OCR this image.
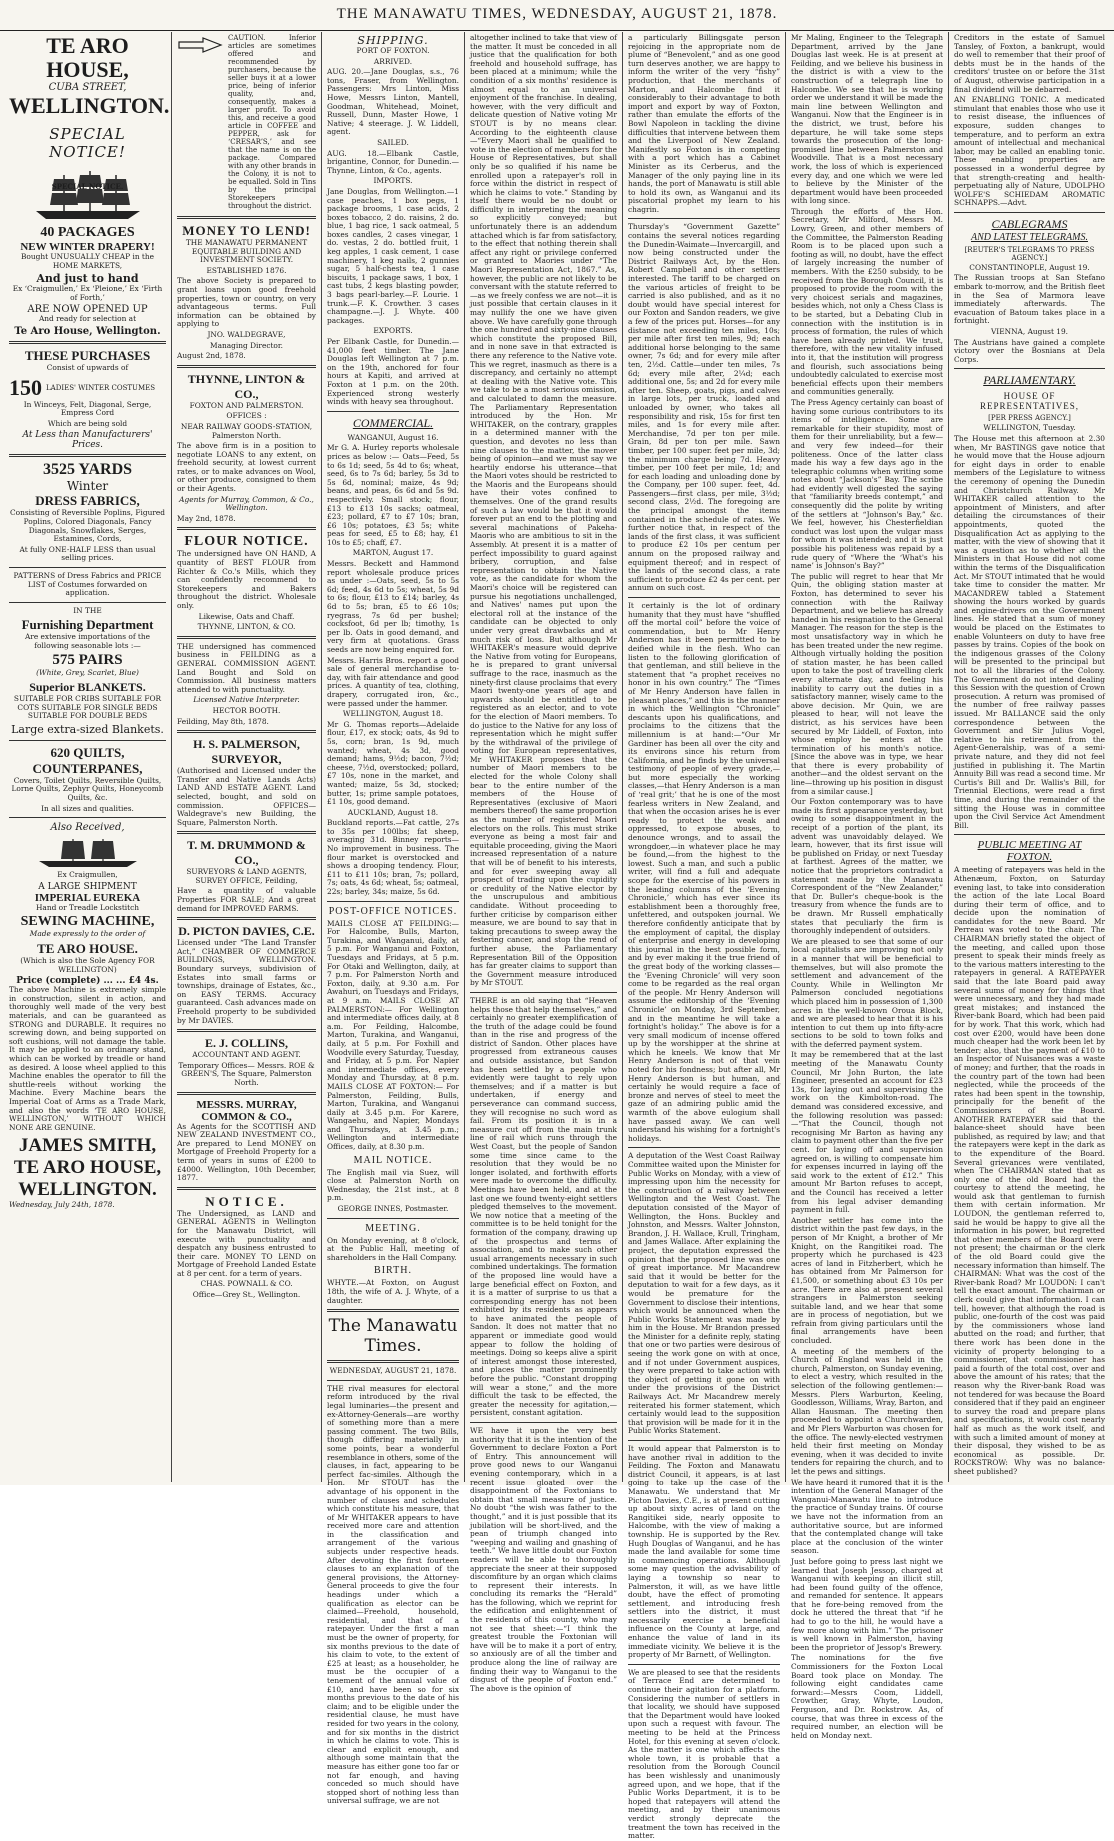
THE MANAWATU TIMES, WEDNESDAY, AUGUST 21, 1878.
TE ARO HOUSE,
CUBA STREET,
WELLINGTON.
SPECIAL NOTICE!
SPECIAL NOTICE.
40 PACKAGES
NEW WINTER DRAPERY!

Bought UNUSUALLY CHEAP in the HOME MARKETS,

And just to hand

Ex ‘Craigmullen,’ Ex ‘Pleione,’ Ex ‘Firth of Forth,’

ARE NOW OPENED UP

And ready for selection at

Te Aro House, Wellington.
THESE PURCHASES

Consist of upwards of

150 LADIES' WINTER COSTUMES

In Winceys, Felt, Diagonal, Serge, Empress Cord

Which are being sold

At Less than Manufacturers' Prices.
3525 YARDS
Winter
DRESS FABRICS,

Consisting of Reversible Poplins, Figured Poplins, Colored Diagonals, Fancy Diagonals, Snowflakes, Serges, Estamines, Cords,

At fully ONE-HALF LESS than usual selling prices.

PATTERNS of Dress Fabrics and PRICE LIST of Costumes forwarded on application.

IN THE

Furnishing Department

Are extensive importations of the following seasonable lots :—

575 PAIRS

(White, Grey, Scarlet, Blue)

Superior BLANKETS.

SUITABLE FOR CRIBS SUITABLE FOR COTS SUITABLE FOR SINGLE BEDS SUITABLE FOR DOUBLE BEDS

Large extra-sized Blankets.
620 QUILTS, COUNTERPANES,

Covers, Toilet Quilts, Reversible Quilts, Lorne Quilts, Zephyr Quilts, Honeycomb Quilts, &c.

In all sizes and qualities.

Also Received,

Ex Craigmullen,

A LARGE SHIPMENT
IMPERIAL EUREKA

Hand or Treadle Lockstitch

SEWING MACHINE,

Made expressly to the order of

TE ARO HOUSE.

(Which is also the Sole Agency FOR WELLINGTON)

Price (complete) ... ... £4 4s.

The above Machine is extremely simple in construction, silent in action, and thoroughly well made of the very best materials, and can be guaranteed as STRONG and DURABLE. It requires no screwing down, and being supported on soft cushions, will not damage the table. It may be applied to an ordinary stand, which can be worked by treadle or hand as desired. A loose wheel applied to this Machine enables the operator to fill the shuttle-reels without working the Machine. Every Machine bears the Imperial Coat of Arms as a Trade Mark, and also the words ‘TE ARO HOUSE, WELLINGTON,’ WITHOUT WHICH NONE ARE GENUINE.

JAMES SMITH,
TE ARO HOUSE,
WELLINGTON.

Wednesday, July 24th, 1878.

CAUTION. Inferior articles are sometimes offered and recommended by purchasers, because the seller buys it at a lower price, being of inferior quality, and, consequently, makes a larger profit. To avoid this, and receive a good article in COFFEE and PEPPER, ask for ‘CRESAR’S,’ and see that the name is on the package. Compared with any other brands in the Colony, it is not to be equalled. Sold in Tins by the principal Storekeepers throughout the district.

MONEY TO LEND!

THE MANAWATU PERMANENT EQUITABLE BUILDING AND INVESTMENT SOCIETY.

ESTABLISHED 1876.

The above Society is prepared to grant loans upon good freehold properties, town or country, on very advantageous terms. Full information can be obtained by applying to

JNO. WALDEGRAVE,

Managing Director.

August 2nd, 1878.

THYNNE, LINTON & CO.,

FOXTON AND PALMERSTON.

OFFICES :

NEAR RAILWAY GOODS-STATION, Palmerston North.

The above firm is in a position to negotiate LOANS to any extent, on freehold security, at lowest current rates, or to make advances on Wool, or other produce, consigned to them or their Agents.

Agents for Murray, Common, & Co., Wellington.

May 2nd, 1878.

FLOUR NOTICE.

The undersigned have ON HAND, A quantity of BEST FLOUR from Richter & Co.'s Mills, which they can confidently recommend to Storekeepers and Bakers throughout the district. Wholesale only.

Likewise, Oats and Chaff.

THYNNE, LINTON, & CO.

THE undersigned has commenced business in FEILDING as a GENERAL COMMISSION AGENT. Land Bought and Sold on Commission. All business matters attended to with punctuality.

Licensed Native Interpreter.

HECTOR BOOTH.

Feilding, May 8th, 1878.

H. S. PALMERSON, SURVEYOR,

(Authorised and Licensed under the Transfer and Native Lands Acts) LAND AND ESTATE AGENT. Land selected, bought, and sold on commission. OFFICES—Waldegrave's new Building, the Square, Palmerston North.

T. M. DRUMMOND & CO.,

SURVEYORS & LAND AGENTS, SURVEY OFFICE, Feilding,

Have a quantity of valuable Properties FOR SALE; And a great demand for IMPROVED FARMS.

D. PICTON DAVIES, C.E.

Licensed under “The Land Transfer Act,” CHAMBER OF COMMERCE BUILDINGS, WELLINGTON. Boundary surveys, subdivision of Estates into small farms or townships, drainage of Estates, &c., on EASY TERMS. Accuracy guaranteed. Cash advances made on Freehold property to be subdivided by Mr DAVIES.

E. J. COLLINS,

ACCOUNTANT AND AGENT.

Temporary Offices— Messrs. ROE & GREEN'S, The Square, Palmerston North.

MESSRS. MURRAY, COMMON & CO.,

As Agents for the SCOTTISH AND NEW ZEALAND INVESTMENT CO., Are prepared to Lend MONEY on Mortgage of Freehold Property for a term of years in sums of £200 to £4000. Wellington, 10th December, 1877.

NOTICE.

The Undersigned, as LAND and GENERAL AGENTS in Wellington for the Manawatu District, will execute with punctuality and despatch any business entrusted to their care. MONEY TO LEND on Mortgage of Freehold Landed Estate at 8 per cent. for a term of years.

CHAS. POWNALL & CO.

Office—Grey St., Wellington.

SHIPPING.

PORT OF FOXTON.

ARRIVED.

AUG. 20.—Jane Douglas, s.s., 76 tons, Fraser, from Wellington. Passengers: Mrs Linton, Miss Howe, Messrs Linton, Mantell, Goodman, Whitehead, Moinet, Russell, Dunn, Master Howe, 1 Native; 4 steerage. J. W. Liddell, agent.

SAILED.

AUG. 18.—Elbank Castle, brigantine, Connor, for Dunedin.—Thynne, Linton, & Co., agents.

IMPORTS.

Jane Douglas, from Wellington.—1 case peaches, 1 box pegs, 1 package brooms, 1 case acids, 2 boxes tobacco, 2 do. raisins, 2 do. blue, 1 bag rice, 1 sack oatmeal, 5 boxes candles, 2 cases vinegar, 1 do. vestas, 2 do. bottled fruit, 1 keg apples, 1 cask cement, 1 case machinery, 1 keg nails, 2 gunnies sugar, 5 half-chests tea, 1 case biscuits, 1 package saws, 1 box, 1 cast tubs, 2 kegs blasting powder, 3 bags pearl-barley.—F. Lourie. 1 trunk.—F. K. Crowther. 3 cases champagne.—J. J. Whyte. 400 packages.

EXPORTS.

Per Elbank Castle, for Dunedin.—41,000 feet timber. The Jane Douglas left Wellington at 7 p.m. on the 19th, anchored for four hours at Kapiti, and arrived at Foxton at 1 p.m. on the 20th. Experienced strong westerly winds with heavy sea throughout.

COMMERCIAL.

WANGANUI, August 16.

Mr G. A. Hurley reports wholesale prices as below :— Oats—Feed, 5s to 6s 1d; seed, 5s 4d to 6s; wheat, seed, 6s to 7s 6d; barley, 5s 3d to 5s 6d, nominal; maize, 4s 9d; beans, and peas, 6s 6d and 5s 9d. respectively. Small stock; flour, £13 to £13 10s sacks; oatmeal, £23; pollard, £7 to £7 10s; bran, £6 10s; potatoes, £3 5s; white peas for seed, £5 to £8; hay, £1 10s to £5; chaff, £7.

MARTON, August 17.

Messrs. Beckett and Hammond report wholesale produce prices as under :—Oats, seed, 5s to 5s 6d; feed, 4s 6d to 5s; wheat, 5s 9d to 6s; flour, £13 to £14; barley, 4s 6d to 5s; bran, £5 to £6 10s; ryegrass, 7s 6d per bushel; cocksfoot, 6d per lb; timothy, 1s per lb. Oats in good demand, and very firm at quotations. Grass seeds are now being enquired for.

Messrs. Harris Bros. report a good sale of general merchandise to-day, with fair attendance and good prices. A quantity of tea, clothing, drapery, corrugated iron, &c., were passed under the hammer.

WELLINGTON, August 18.

Mr G. Thomas reports—Adelaide flour, £17, ex stock; oats, 4s 9d to 5s, corn; bran, 1s 9d, much wanted; wheat, 4s 3d, good demand; hams, 9½d; bacon, 7½d; cheese, 7½d, overstocked; pollard, £7 10s, none in the market, and wanted; maize, 5s 3d, stocked; butter, 1s; prime sample potatoes, £1 10s, good demand.

AUCKLAND, August 18.

Buckland reports.—Fat cattle, 27s to 35s per 100lbs; fat sheep, averaging 31d. Binney reports—No improvement in business. The flour market is overstocked and shows a drooping tendency. Flour, £11 to £11 10s; bran, 7s; pollard, 7s; oats, 4s 6d; wheat, 5s; oatmeal, 22s; barley, 34s; maize, 5s 6d.

POST-OFFICE NOTICES.

MAILS CLOSE AT FEILDING:— For Halcombe, Bulls, Marton, Turakina, and Wanganui, daily, at 5 p.m. For Wanganui and Foxton, Tuesdays and Fridays, at 5 p.m. For Otaki and Wellington, daily, at 7 p.m. For Palmerston North and Foxton, daily, at 9.30 a.m. For Awahuri, on Tuesdays and Fridays, at 9 a.m. MAILS CLOSE AT PALMERSTON:— For Wellington and intermediate offices daily, at 8 a.m. For Feilding, Halcombe, Marton, Turakina, and Wanganui, daily, at 5 p.m. For Foxhill and Woodville every Saturday, Tuesday, and Friday, at 5 p.m. For Napier and intermediate offices, every Monday and Thursday, at 8 p.m. MAILS CLOSE AT FOXTON:— For Palmerston, Feilding, Bulls, Marton, Turakina, and Wanganui daily at 3.45 p.m. For Karere, Wangaehu, and Napier, Mondays and Thursdays, at 3.45 p.m.; Wellington and intermediate Offices, daily, at 8.30 p.m.

MAIL NOTICE.

The English mail via Suez, will close at Palmerston North on Wednesday, the 21st inst., at 8 p.m.

GEORGE INNES, Postmaster.

MEETING.

On Monday evening, at 8 o'clock, at the Public Hall, meeting of shareholders in the Hall Company.

BIRTH.

WHYTE.—At Foxton, on August 18th, the wife of A. J. Whyte, of a daughter.

The Manawatu Times.

WEDNESDAY, AUGUST 21, 1878.

THE rival measures for electoral reform introduced by the rival legal luminaries—the present and ex-Attorney-Generals—are worthy of something more than a mere passing comment. The two Bills, though differing materially in some points, bear a wonderful resemblance in others, some of the clauses, in fact, appearing to be perfect fac-similes. Although the Hon. Mr STOUT has the advantage of his opponent in the number of clauses and schedules which constitute his measure, that of Mr WHITAKER appears to have received more care and attention in the classification and arrangement of the various subjects under respective heads. After devoting the first fourteen clauses to an explanation of the general provisions, the Attorney-General proceeds to give the four headings under which a qualification as elector can be claimed—Freehold, household, residential, and that of a ratepayer. Under the first a man must be the owner of property, for six months previous to the date of his claim to vote, to the extent of £25 at least; as a householder, he must be the occupier of a tenement of the annual value of £10, and have been so for six months previous to the date of his claim; and to be eligible under the residential clause, he must have resided for two years in the colony, and for six months in the district in which he claims to vote. This is clear and explicit enough, and although some maintain that the measure has either gone too far or not far enough, and having conceded so much should have stopped short of nothing less than universal suffrage, we are not

altogether inclined to take that view of the matter. It must be conceded in all justice that the qualification for both freehold and household suffrage, has been placed at a minimum; while the condition of a six months' residence is almost equal to an universal enjoyment of the franchise. In dealing, however, with the very difficult and delicate question of Native voting Mr STOUT is by no means clear. According to the eighteenth clause—“Every Maori shall be qualified to vote in the election of members for the House of Representatives, but shall only be so qualified if his name be enrolled upon a ratepayer's roll in force within the district in respect of which he claims to vote.” Standing by itself there would be no doubt or difficulty in interpreting the meaning so explicitly conveyed; but unfortunately there is an addendum attached which is far from satisfactory, to the effect that nothing therein shall affect any right or privilege conferred or granted to Maories under “The Maori Representation Act, 1867.” As, however, the public are not likely to be conversant with the statute referred to—as we freely confess we are not—it is just possible that certain clauses in it may nullify the one we have given above. We have carefully gone through the one hundred and sixty-nine clauses which constitute the proposed Bill, and in none save in that extracted is there any reference to the Native vote. This we regret, inasmuch as there is a discrepancy, and certainly no attempt at dealing with the Native vote. This we take to be a most serious omission, and calculated to damn the measure. The Parliamentary Representation introduced by the Hon. Mr WHITAKER, on the contrary, grapples in a determined manner with the question, and devotes no less than nine clauses to the matter, the mover being of opinion—and we must say we heartily endorse his utterance—that the Maori votes should be restricted to the Maoris and the Europeans should have their votes confined to themselves. One of the grand results of such a law would be that it would forever put an end to the plotting and several machinations of Pakeha-Maoris who are ambitious to sit in the Assembly. At present it is a matter of perfect impossibility to guard against bribery, corruption, and false representation to obtain the Native vote, as the candidate for whom the Maori's choice will be registered can pursue his negotiations unchallenged, and Natives' names put upon the electoral roll at the instance of the candidate can be objected to only under very great drawbacks and at much risk of loss. But although Mr WHITAKER's measure would deprive the Native from voting for Europeans, he is prepared to grant universal suffrage to the race, inasmuch as the ninety-first clause proclaims that every Maori twenty-one years of age and upwards should be entitled to be registered as an elector, and to vote for the election of Maori members. To do justice to the Native for any loss of representation which he might suffer by the withdrawal of the privilege of voting for European representatives, Mr WHITAKER proposes that the number of Maori members to be elected for the whole Colony shall bear to the entire number of the members of the House of Representatives (exclusive of Maori members thereof) the same proportion as the number of registered Maori electors on the rolls. This must strike everyone as being a most fair and equitable proceeding, giving the Maori increased representation of a nature that will be of benefit to his interests, and for ever sweeping away all prospect of trading upon the cupidity or credulity of the Native elector by the unscrupulous and ambitious candidate. Without proceeding to further criticise by comparison either measure, we are bound to say that in taking precautions to sweep away the festering cancer, and stop the rend of further abuse, the Parliamentary Representation Bill of the Opposition has far greater claims to support than the Government measure introduced by Mr STOUT.

THERE is an old saying that “Heaven helps those that help themselves,” and certainly no greater exemplification of the truth of the adage could be found than in the rise and progress of the district of Sandon. Other places have progressed from extraneous causes and outside assistance, but Sandon has been settled by a people who evidently were taught to rely upon themselves; and if a matter is but undertaken, if energy and perseverance can command success, they will recognise no such word as fail. From its position it is in a measure cut off from the main trunk line of rail which runs through the West Coast, but the people of Sandon some time since came to the resolution that they would be no longer isolated, and forthwith efforts were made to overcome the difficulty. Meetings have been held, and at the last one we found twenty-eight settlers pledged themselves to the movement. We now notice that a meeting of the committee is to be held tonight for the formation of the company, drawing up of the prospectus and terms of association, and to make such other usual arrangements necessary in such combined undertakings. The formation of the proposed line would have a large beneficial effect on Foxton, and it is a matter of surprise to us that a corresponding energy has not been exhibited by its residents as appears to have animated the people of Sandon. It does not matter that no apparent or immediate good would appear to follow the holding of meetings. Doing so keeps alive a spirit of interest amongst those interested, and places the matter prominently before the public. “Constant dropping will wear a stone,” and the more difficult the task to be effected, the greater the necessity for agitation,—persistent, constant agitation.

WE have it upon the very best authority that it is the intention of the Government to declare Foxton a Port of Entry. This announcement will prove good news to our Wanganui evening contemporary, which in a recent issue gloated over the disappointment of the Foxtonians to obtain that small measure of justice. No doubt “the wish was father to the thought,” and it is just possible that its jubilation will be short-lived, and the pean of triumph changed into “weeping and wailing and gnashing of teeth.” We have little doubt our Foxton readers will be able to thoroughly appreciate the sneer at their supposed discomfiture by an organ which claims to represent their interests. In concluding its remarks the “Herald” has the following, which we reprint for the edification and enlightenment of the residents of this county, who may not see that sheet:—“I think the greatest trouble the Foxtonian will have will be to make it a port of entry, so anxiously are of all the timber and produce along the line of railway are finding their way to Wanganui to the disgust of the people of Foxton end.” The above is the opinion of

a particularly Billingsgate person rejoicing in the appropriate nom de plume of “Benevolent,” and as one good turn deserves another, we are happy to inform the writer of the very “fishy” production, that the merchants of Marton, and Halcombe find it considerably to their advantage to both import and export by way of Foxton, rather than emulate the efforts of the Bowl Napoleon in tackling the divine difficulties that intervene between them and the Liverpool of New Zealand. Manifestly so Foxton is in competing with a port which has a Cabinet Minister as its Cerberus, and the Manager of the only paying line in its hands, the port of Manawatu is still able to hold its own, as Wanganui and its piscatorial prophet my learn to his chagrin.

Thursday's “Government Gazette” contains the several notices regarding the Dunedin-Waimate—Invercargill, and now being constructed under the District Railways Act, by the Hon. Robert Campbell and other settlers interested. The tariff to be charged on the various articles of freight to be carried is also published, and as it no doubt would have special interest for our Foxton and Sandon readers, we give a few of the prices put. Horses—for any distance not exceeding ten miles, 10s; per mile after first ten miles, 9d; each additional horse belonging to the same owner, 7s 6d; and for every mile after ten, 2½d. Cattle—under ten miles, 7s 6d; every mile after, 2¼d; each additional one, 5s; and 2d for every mile after ten. Sheep, goats, pigs, and calves in large lots, per truck, loaded and unloaded by owner, who takes all responsibility and risk, 15s for first ten miles, and 1s for every mile after. Merchandise, 7d per ton per mile. Grain, 8d per ton per mile. Sawn timber, per 100 super. feet per mile, 3d; the minimum charge being 7d. Heavy timber, per 100 feet per mile, 1d; and for each loading and unloading done by the Company, per 100 super. feet, 4d. Passengers—first class, per mile, 3½d; second class, 2½d. The foregoing are the principal amongst the items contained in the schedule of rates. We further notice that, in respect of the lands of the first class, it was sufficient to produce £2 10s per centum per annum on the proposed railway and equipment thereof; and in respect of the lands of the second class, a rate sufficient to produce £2 4s per cent. per annum on such cost.

It certainly is the lot of ordinary humanity that they must have “shuffled off the mortal coil” before the voice of commendation, but to Mr Henry Anderson has it been permitted to be deified while in the flesh. Who can listen to the following glorification of that gentleman, and still believe in the statement that “a prophet receives no honor in his own country.” The “Times of Mr Henry Anderson have fallen in pleasant places,” and this is the manner in which the Wellington “Chronicle” descants upon his qualifications, and proclaims to the citizens that the millennium is at hand:—“Our Mr Gardiner has been all over the city and its environs since his return from California, and he finds by the universal testimony of people of every grade,—but more especially the working classes,—that Henry Anderson is a man of ‘real grit;’ that he is one of the most fearless writers in New Zealand, and that when the occasion arises he is ever ready to protect the weak and oppressed, to expose abuses, to denounce wrongs, and to assail the wrongdoer,—in whatever place he may be found,—from the highest to the lowest. Such a man, and such a public writer, will find a full and adequate scope for the exercise of his powers in the leading columns of the ‘Evening Chronicle,’ which has ever since its establishment been a thoroughly free, unfettered, and outspoken journal. We therefore confidently anticipate that by the employment of capital, the display of enterprise and energy in developing this journal in the best possible form, and by ever making it the true friend of the great body of the working classes—the ‘Evening Chronicle’ will very soon come to be regarded as the real organ of the people. Mr Henry Anderson will assume the editorship of the ‘Evening Chronicle’ on Monday, 3rd September, and in the meantime he will take a fortnight's holiday.” The above is for a very small modicum of incense offered up by the worshipper at the shrine at which he kneels. We know that Mr Henry Anderson is not of that vein noted for his fondness; but after all, Mr Henry Anderson is but human, and certainly he would require a face of bronze and nerves of steel to meet the gaze of an admiring public amid the warmth of the above eulogium shall have passed away. We can well understand his wishing for a fortnight's holidays.

A deputation of the West Coast Railway Committee waited upon the Minister for Public Works on Monday, with a view of impressing upon him the necessity for the construction of a railway between Wellington and the West Coast. The deputation consisted of the Mayor of Wellington, the Hons. Buckley and Johnston, and Messrs. Walter Johnston, Brandon, J. H. Wallace, Krull, Tringham, and James Wallace. After explaining the project, the deputation expressed the opinion that the proposed line was one of great importance. Mr Macandrew said that it would be better for the deputation to wait for a few days, as it would be premature for the Government to disclose their intentions, which would be announced when the Public Works Statement was made by him in the House. Mr Brandon pressed the Minister for a definite reply, stating that one or two parties were desirous of seeing the work gone on with at once, and if not under Government auspices, they were prepared to take action with the object of getting it gone on with under the provisions of the District Railways Act. Mr Macandrew merely reiterated his former statement, which certainly would lead to the supposition that provision will be made for it in the Public Works Statement.

It would appear that Palmerston is to have another rival in addition to the Feilding. The Foxton and Manawatu district Council, it appears, is at last going to take up the case of the Manawatu. We understand that Mr Picton Davies, C.E., is at present cutting up about sixty acres of land on the Rangitikei side, nearly opposite to Halcombe, with the view of making a township. He is supported by the Rev. Hugh Douglas of Wanganui, and he has made the land available for some time in commencing operations. Although some may question the advisability of laying a township so near to Palmerston, it will, as we have little doubt, have the effect of promoting settlement, and introducing fresh settlers into the district, it must necessarily exercise a beneficial influence on the County at large, and enhance the value of land in its immediate vicinity. We believe it is the property of Mr Barnett, of Wellington.

We are pleased to see that the residents of Terrace End are determined to continue their agitation for a platform. Considering the number of settlers in that locality, we should have supposed that the Department would have looked upon such a request with favour. The meeting to be held at the Princess Hotel, for this evening at seven o'clock. As the matter is one which affects the whole town, it is probable that a resolution from the Borough Council has been wishlessly and unanimously agreed upon, and we hope, that if the Public Works Department, it is to be hoped that ratepayers will attend the meeting, and by their unanimous verdict strongly deprecate the treatment the town has received in the matter.

Mr Maling, Engineer to the Telegraph Department, arrived by the Jane Douglas last week. He is at present at Feilding, and we believe his business in the district is with a view to the construction of a telegraph line to Halcombe. We see that he is working order we understand it will be made the main line between Wellington and Wanganui. Now that the Engineer is in the district, we trust, before his departure, he will take some steps towards the prosecution of the long-promised line between Palmerston and Woodville. That is a most necessary work, the loss of which is experienced every day, and one which we were led to believe by the Minister of the department would have been proceeded with long since.

Through the efforts of the Hon. Secretary, Mr Milford, Messrs M. Lowry, Green, and other members of the Committee, the Palmerston Reading Room is to be placed upon such a footing as will, no doubt, have the effect of largely increasing the number of members. With the £250 subsidy, to be received from the Borough Council, it is proposed to provide the room with the very choicest serials and magazines, besides which, not only a Chess Class is to be started, but a Debating Club in connection with the institution is in process of formation, the rules of which have been already printed. We trust, therefore, with the new vitality infused into it, that the institution will progress and flourish, such associations being undoubtedly calculated to exercise most beneficial effects upon their members and communities generally.

The Press Agency certainly can boast of having some curious contributors to its items of intelligence. Some are remarkable for their stupidity, most of them for their unreliability, but a few—and very few indeed—for their politeness. Once of the latter class made his way a few days ago in the telegraphic columns when writing some notes about “Jackson's” Bay. The scribe had evidently well digested the saying that “familiarity breeds contempt,” and consequently did the polite by writing of the settlers at “Johnson's Bay,” &c. We feel, however, his Chesterfieldian conduct was lost upon the vulgar mass for whom it was intended; and it is just possible his politeness was repaid by a rude query of “Where the ‘What's his name’ is Johnson's Bay?”

The public will regret to hear that Mr Quin, the obliging station master at Foxton, has determined to sever his connection with the Railway Department, and we believe has already handed in his resignation to the General Manager. The reason for the step is the most unsatisfactory way in which he has been treated under the new regime. Although virtually holding the position of station master, he has been called upon to take the post of travelling clerk every alternate day, and feeling his inability to carry out the duties in a satisfactory manner, wisely came to the above decision. Mr Quin, we are pleased to hear, will not leave the district, as his services have been secured by Mr Liddell, of Foxton, into whose employ he enters at the termination of his month's notice. [Since the above was in type, we hear that there is every probability of another—and the oldest servant on the line—throwing up his position in disgust from a similar cause.]

Our Foxton contemporary was to have made its first appearance yesterday, but owing to some disappointment in the receipt of a portion of the plant, its advent was unavoidably delayed. We learn, however, that its first issue will be published on Friday, or next Tuesday at farthest. Agrees of the matter, we notice that the proprietors contradict a statement made by the Manawatu Correspondent of the “New Zealander,” that Dr. Buller's cheque-book is the treasury from whence the funds are to be drawn. Mr Russell emphatically states that peculiarly the firm is thoroughly independent of outsiders.

We are pleased to see that some of our local capitalists are improving not only in a manner that will be beneficial to themselves, but will also promote the settlement and advancement of the County. While in Wellington Mr Palmerson concluded negotiations which placed him in possession of 1,300 acres in the well-known Oroua Block, and we are pleased to hear that it is his intention to cut them up into fifty-acre sections to be sold to town folks and with the deferred payment system.

It may be remembered that at the last meeting of the Manawatu County Council, Mr John Burton, the late Engineer, presented an account for £23 13s, for laying out and supervising the work on the Kimbolton-road. The demand was considered excessive, and the following resolution was passed:—“That the Council, though not recognising Mr Barton as having any claim to payment other than the five per cent. for laying off and supervision agreed on, is willing to compensate him for expenses incurred in laying off the said work to the extent of £12.” This amount Mr Barton refuses to accept, and the Council has received a letter from his legal adviser demanding payment in full.

Another settler has come into the district within the past few days, in the person of Mr Knight, a brother of Mr Knight, on the Rangitikei road. The property which he purchased is 423 acres of land in Fitzherbert, which he has obtained from Mr Palmerson for £1,500, or something about £3 10s per acre. There are also at present several strangers in Palmerston seeking suitable land, and we hear that some are in process of negotiation, but we refrain from giving particulars until the final arrangements have been concluded.

A meeting of the members of the Church of England was held in the church, Palmerston, on Sunday evening, to elect a vestry, which resulted in the selection of the following gentlemen:—Messrs. Plers Warburton, Keeling, Goodlesson, Williams, Wray, Barton, and Allan Hausman. The meeting then proceeded to appoint a Churchwarden, and Mr Plers Warburton was chosen for the office. The newly-elected vestrymen held their first meeting on Monday evening, when it was decided to invite tenders for repairing the church, and to let the pews and sittings.

We have heard it rumored that it is the intention of the General Manager of the Wanganui-Manawatu line to introduce the practice of Sunday trains. Of course we have not the information from an authoritative source, but are informed that the contemplated change will take place at the conclusion of the winter season.

Just before going to press last night we learned that Joseph Jessop, charged at Wanganui with keeping an illicit still, had been found guilty of the offence, and remanded for sentence. It appears that he fore-being removed from the dock he uttered the threat that “if he had to go to the hill, he would have a few more along with him.” The prisoner is well known in Palmerston, having been the proprietor of Jessop's Brewery.

The nominations for the five Commissioners for the Foxton Local Board took place on Monday. The following eight candidates came forward:—Messrs Coom, Liddell, Crowther, Gray, Whyte, Loudon, Ferguson, and Dr. Rockstrow. As, of course, that was three in excess of the required number, an election will be held on Monday next.

Creditors in the estate of Samuel Tansley, of Foxton, a bankrupt, would do well to remember that their proof of debts must be in the hands of the creditors' trustee on or before the 31st of August, otherwise participation in a final dividend will be debarred.

AN ENABLING TONIC. A medicated stimulant that enables those who use it to resist disease, the influences of exposure, sudden changes to temperature, and to perform an extra amount of intellectual and mechanical labor, may be called an enabling tonic. These enabling properties are possessed in a wonderful degree by that strength-creating and health-perpetuating ally of Nature, UDOLPHO WOLFE'S SCHIEDAM AROMATIC SCHNAPPS.—Advt.

CABLEGRAMS
AND LATEST TELEGRAMS.

[REUTER'S TELEGRAMS TO PRESS AGENCY.]

CONSTANTINOPLE, August 19.

The Russian troops at San Stefano embark to-morrow, and the British fleet in the Sea of Marmora leave immediately afterwards. The evacuation of Batoum takes place in a fortnight.

VIENNA, August 19.

The Austrians have gained a complete victory over the Bosnians at Dela Corps.

PARLIAMENTARY.
HOUSE OF REPRESENTATIVES,

[PER PRESS AGENCY.]

WELLINGTON, Tuesday.

The House met this afternoon at 2.30 when, Mr BASTINGS gave notice that he would move that the House adjourn for eight days in order to enable members of the Legislature to witness the ceremony of opening the Dunedin and Christchurch Railway. Mr WHITAKER called attention to the appointment of Ministers, and after detailing the circumstances of their appointments, quoted the Disqualification Act as applying to the matter, with the view of showing that it was a question as to whether all the Ministers in that House did not come within the terms of the Disqualification Act. Mr STOUT intimated that he would take time to consider the matter. Mr MACANDREW tabled a Statement showing the hours worked by guards and engine-drivers on the Government lines. He stated that a sum of money would be placed on the Estimates to enable Volunteers on duty to have free passes by trains. Copies of the book on the indigenous grasses of the Colony will be presented to the principal but not to all the libraries of the Colony. The Government do not intend dealing this Session with the question of Crown prosecution. A return was promised of the number of free railway passes issued. Mr BALLANCE said the only correspondence between the Government and Sir Julius Vogel, relative to his retirement from the Agent-Generalship, was of a semi-private nature, and they did not feel justified in publishing it. The Martin Annuity Bill was read a second time. Mr Curtis's Bill and Dr. Wallis's Bill, for Triennial Elections, were read a first time, and during the remainder of the sitting the House was in committee upon the Civil Service Act Amendment Bill.

PUBLIC MEETING AT FOXTON.

A meeting of ratepayers was held in the Athenæum, Foxton, on Saturday evening last, to take into consideration the action of the late Local Board during their term of office, and to decide upon the nomination of candidates for the new Board. Mr Perreau was voted to the chair. The CHAIRMAN briefly stated the object of the meeting, and called upon those present to speak their minds freely as to the various matters interesting to the ratepayers in general. A RATEPAYER said that the late Board paid away several sums of money for things that were unnecessary, and they had made great mistakes; and instanced the River-bank Board, which had been paid for by work. That this work, which had cost over £200, would have been done much cheaper had the work been let by tender; also, that the payment of £10 to an Inspector of Nuisances was a waste of money; and further, that the roads in the country part of the town had been neglected, while the proceeds of the rates had been spent in the township, principally for the benefit of the Commissioners of the Board. ANOTHER RATEPAYER said that the balance-sheet should have been published, as required by law; and that the ratepayers were kept in the dark as to the expenditure of the Board. Several grievances were ventilated, when The CHAIRMAN stated that as only one of the old Board had the courtesy to attend the meeting, he would ask that gentleman to furnish them with certain information. Mr LOUDON, the gentleman referred to, said he would be happy to give all the information in his power, but regretted that other members of the Board were not present; the chairman or the clerk of the old Board could give the necessary information than himself. The CHAIRMAN: What was the cost of the River-bank Road? Mr LOUDON: I can't tell the exact amount. The chairman or clerk could give that information. I can tell, however, that although the road is public, one-fourth of the cost was paid by the commissioners whose land abutted on the road; and further, that there work has been done in the vicinity of property belonging to a commissioner, that commissioner has paid a fourth of the total cost, over and above the amount of his rates; that the reason why the River-bank Road was not tendered for was because the Board considered that if they paid an engineer to survey the road and prepare plans and specifications, it would cost nearly half as much as the work itself, and with such a limited amount of money at their disposal, they wished to be as economical as possible. Dr. ROCKSTROW: Why was no balance-sheet published?
